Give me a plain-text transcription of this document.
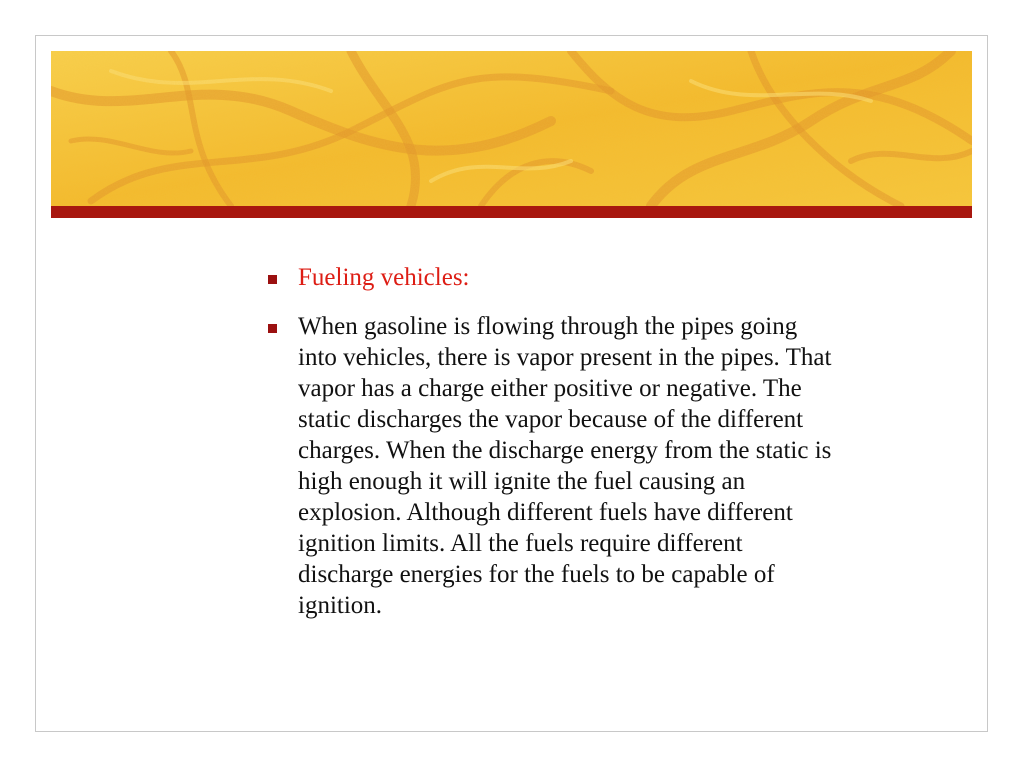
Fueling vehicles:
When gasoline is flowing through the pipes going
into vehicles, there is vapor present in the pipes. That
vapor has a charge either positive or negative. The
static discharges the vapor because of the different
charges. When the discharge energy from the static is
high enough it will ignite the fuel causing an
explosion. Although different fuels have different
ignition limits. All the fuels require different
discharge energies for the fuels to be capable of
ignition.
